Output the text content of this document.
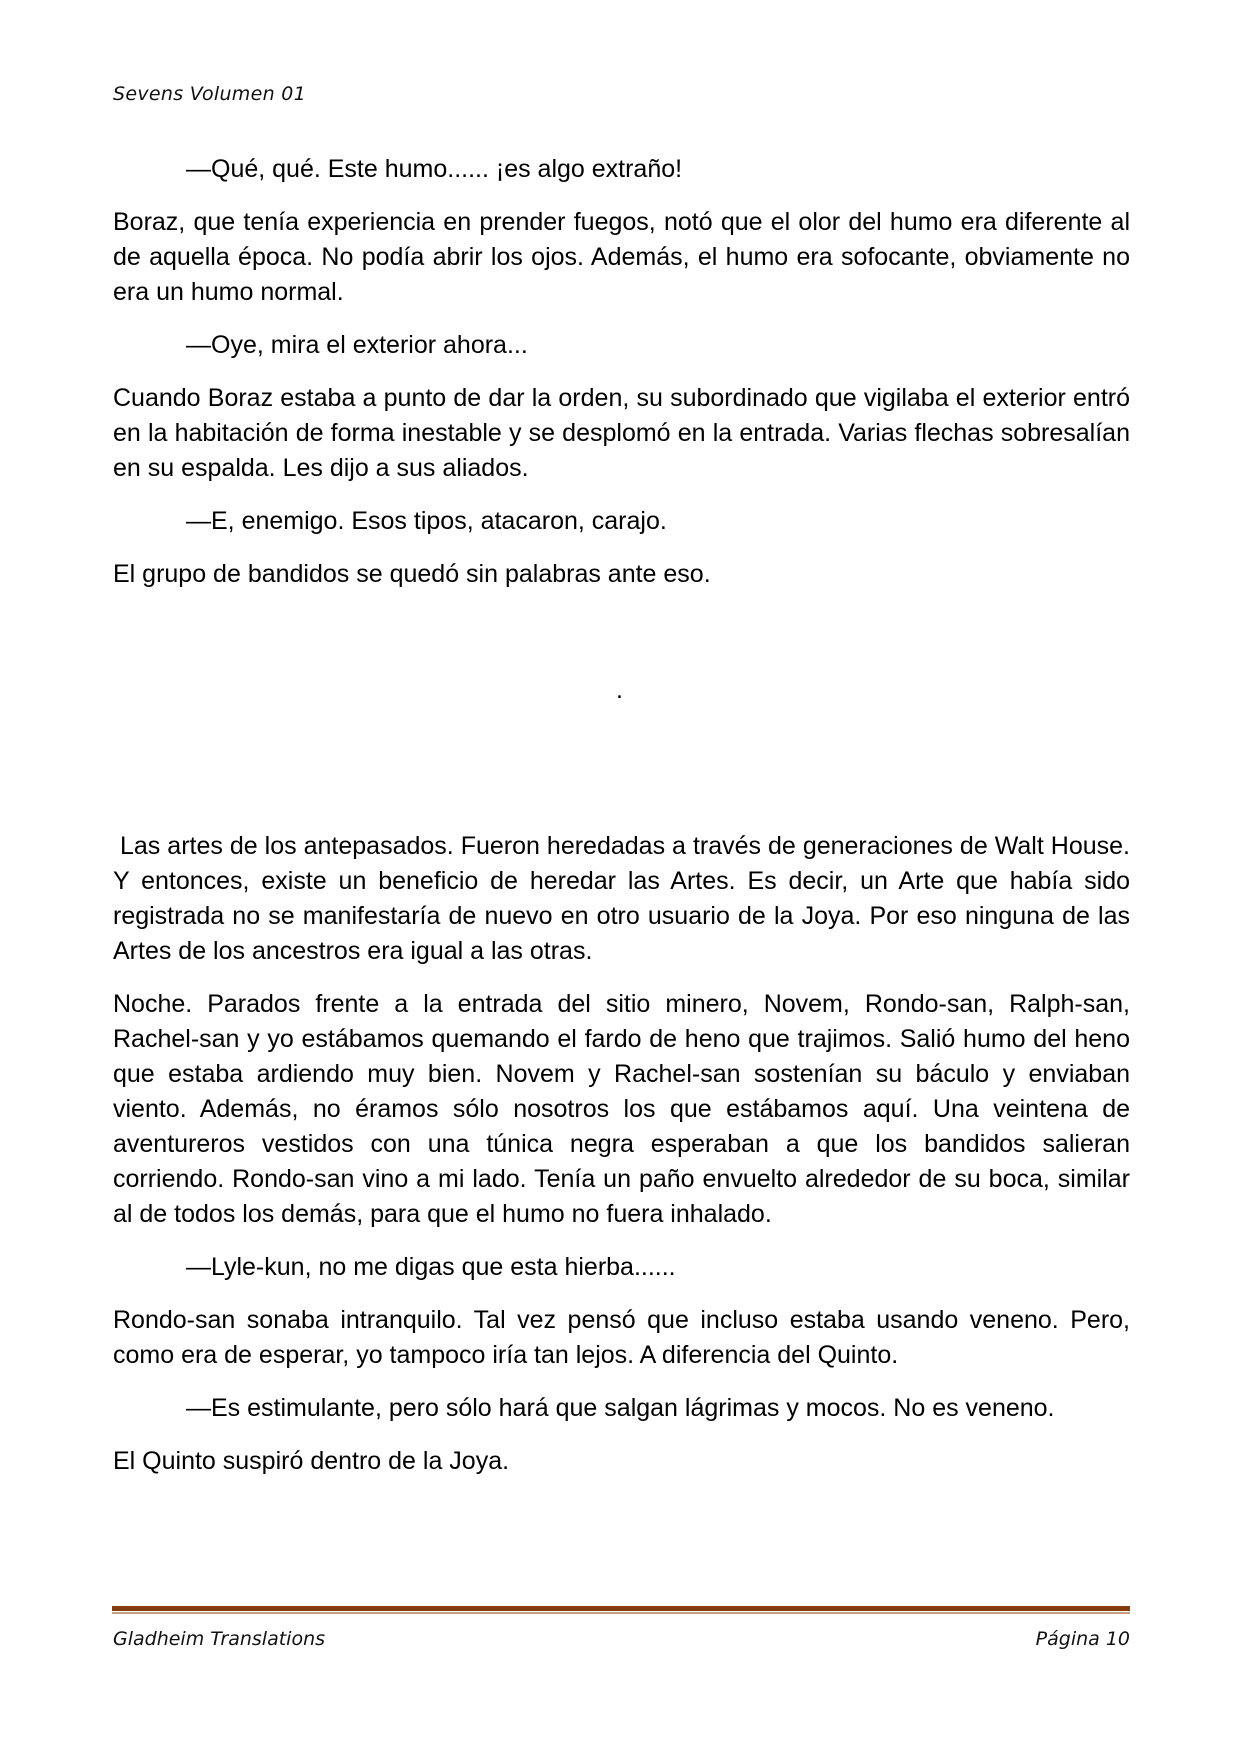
Sevens Volumen 01

—Qué, qué. Este humo...... ¡es algo extraño!

Boraz, que tenía experiencia en prender fuegos, notó que el olor del humo era diferente al de aquella época. No podía abrir los ojos. Además, el humo era sofocante, obviamente no era un humo normal.

—Oye, mira el exterior ahora...

Cuando Boraz estaba a punto de dar la orden, su subordinado que vigilaba el exterior entró en la habitación de forma inestable y se desplomó en la entrada. Varias flechas sobresalían en su espalda. Les dijo a sus aliados.

—E, enemigo. Esos tipos, atacaron, carajo.

El grupo de bandidos se quedó sin palabras ante eso.

.

Las artes de los antepasados. Fueron heredadas a través de generaciones de Walt House. Y entonces, existe un beneficio de heredar las Artes. Es decir, un Arte que había sido registrada no se manifestaría de nuevo en otro usuario de la Joya. Por eso ninguna de las Artes de los ancestros era igual a las otras.

Noche. Parados frente a la entrada del sitio minero, Novem, Rondo-san, Ralph-san, Rachel-san y yo estábamos quemando el fardo de heno que trajimos. Salió humo del heno que estaba ardiendo muy bien. Novem y Rachel-san sostenían su báculo y enviaban viento. Además, no éramos sólo nosotros los que estábamos aquí. Una veintena de aventureros vestidos con una túnica negra esperaban a que los bandidos salieran corriendo. Rondo-san vino a mi lado. Tenía un paño envuelto alrededor de su boca, similar al de todos los demás, para que el humo no fuera inhalado.

—Lyle-kun, no me digas que esta hierba......

Rondo-san sonaba intranquilo. Tal vez pensó que incluso estaba usando veneno. Pero, como era de esperar, yo tampoco iría tan lejos. A diferencia del Quinto.

—Es estimulante, pero sólo hará que salgan lágrimas y mocos. No es veneno.

El Quinto suspiró dentro de la Joya.

Gladheim Translations	Página 10
